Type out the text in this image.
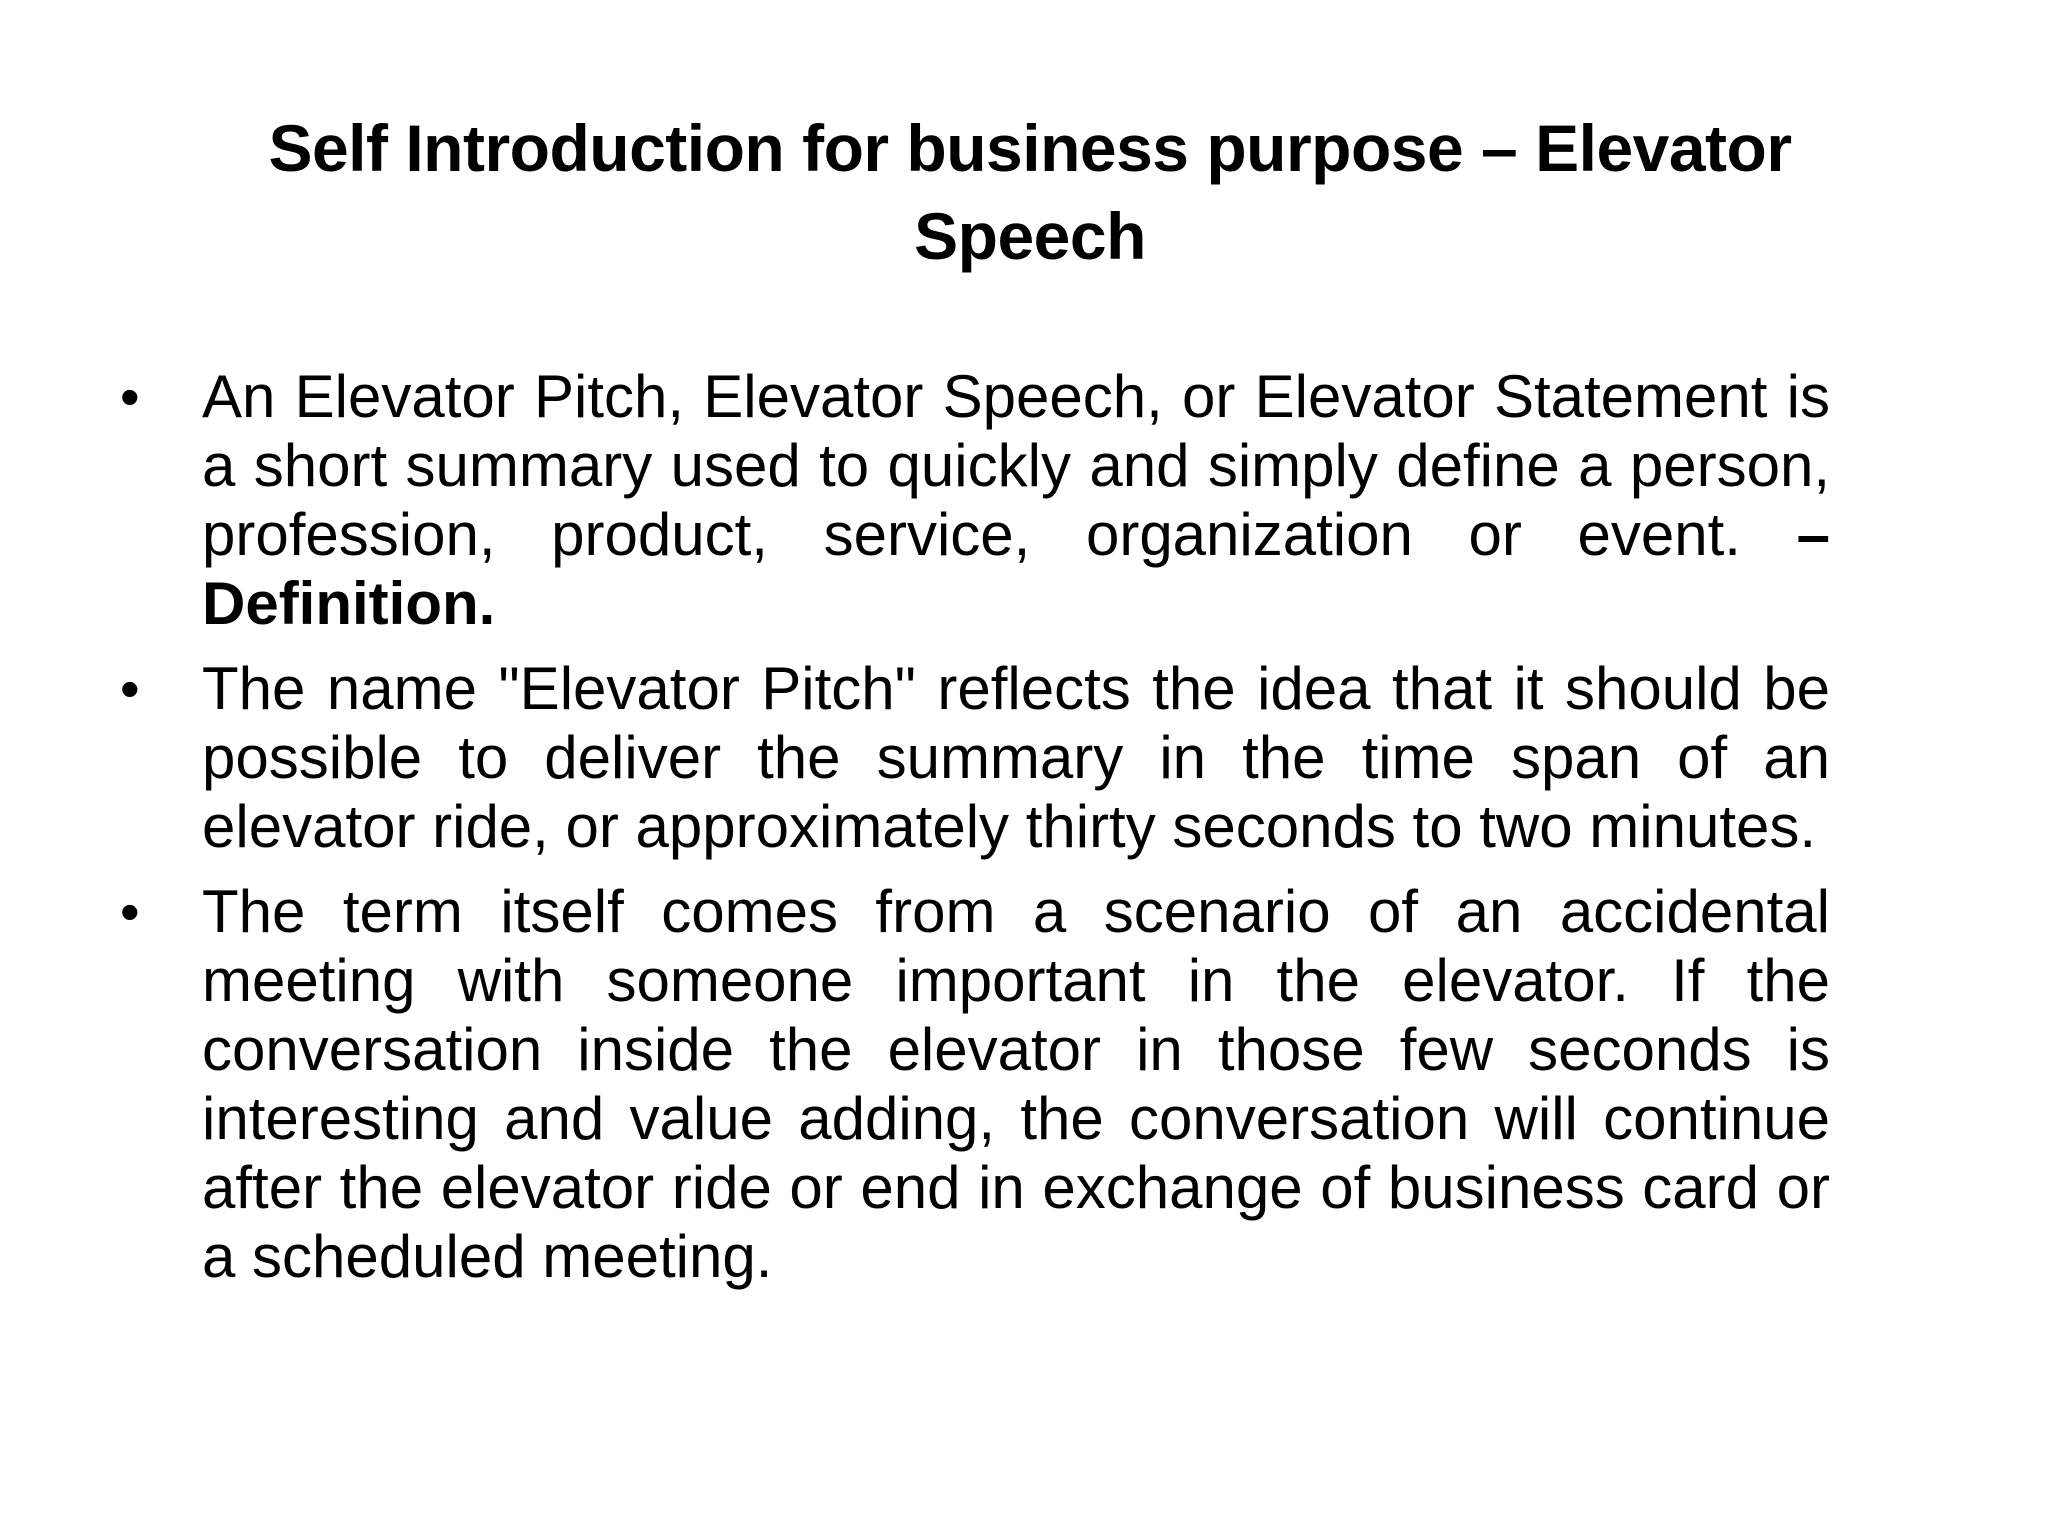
Self Introduction for business purpose – Elevator Speech
•	An Elevator Pitch, Elevator Speech, or Elevator Statement is a short summary used to quickly and simply define a person, profession, product, service, organization or event. – Definition.
•	The name "Elevator Pitch" reflects the idea that it should be possible to deliver the summary in the time span of an elevator ride, or approximately thirty seconds to two minutes.
•	The term itself comes from a scenario of an accidental meeting with someone important in the elevator. If the conversation inside the elevator in those few seconds is interesting and value adding, the conversation will continue after the elevator ride or end in exchange of business card or a scheduled meeting.
